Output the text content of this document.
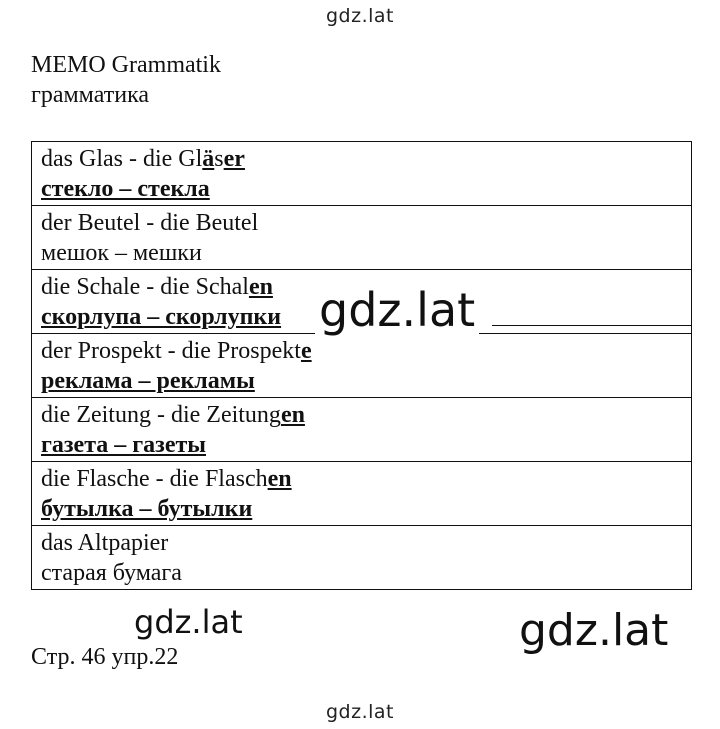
gdz.lat
MEMO Grammatik
грамматика
das Glas - die Gläser
стекло – стекла

der Beutel - die Beutel
мешок – мешки

die Schale - die Schalen
скорлупа – скорлупки

der Prospekt - die Prospekte
реклама – рекламы

die Zeitung - die Zeitungen
газета – газеты

die Flasche - die Flaschen
бутылка – бутылки

das Altpapier
старая бумага
gdz.lat
gdz.lat	gdz.lat
Стр. 46 упр.22
gdz.lat
